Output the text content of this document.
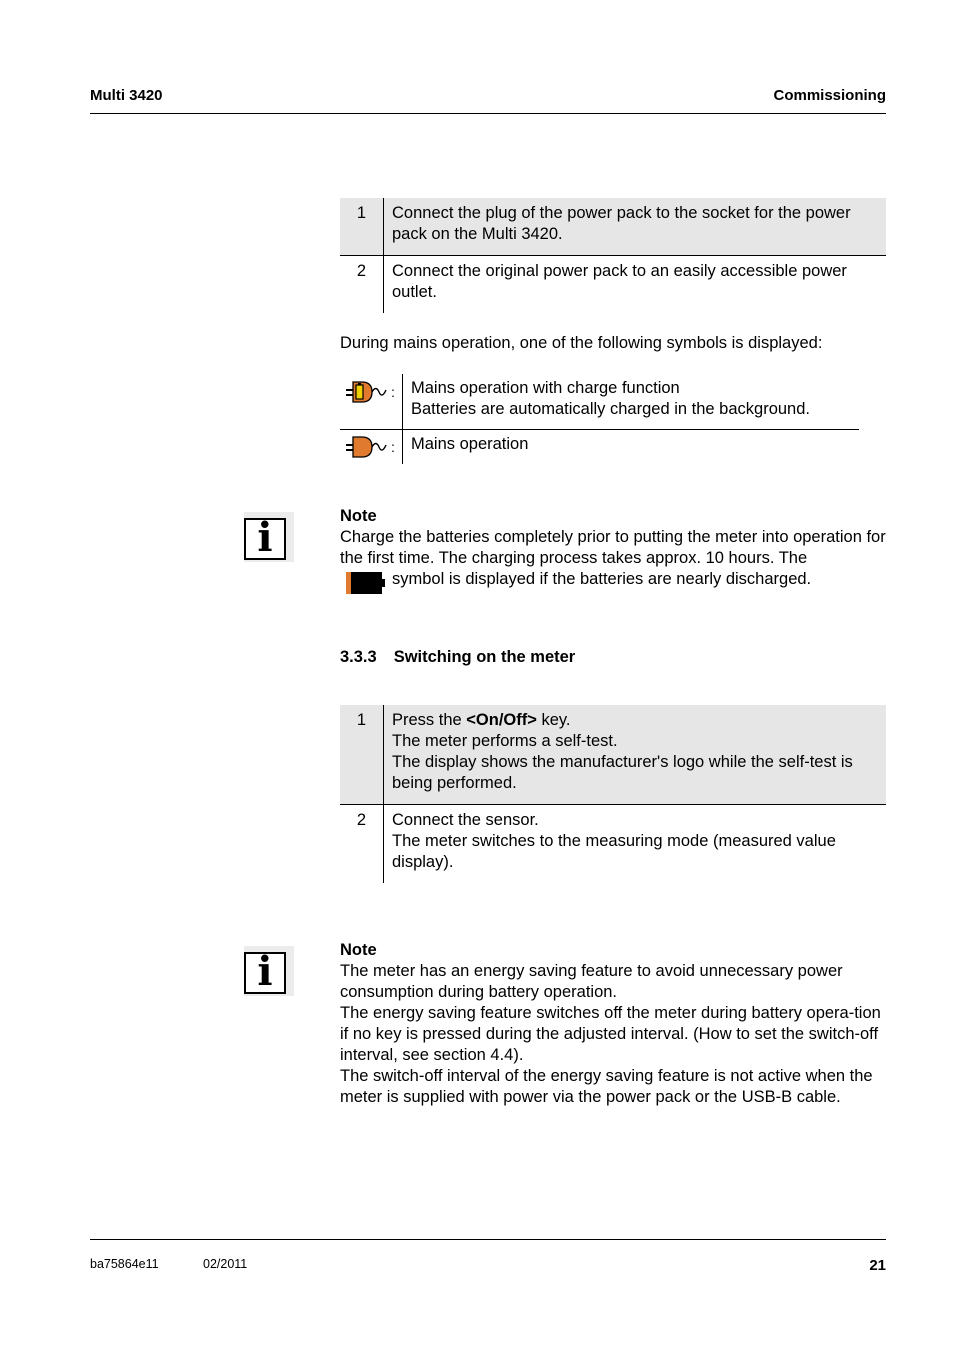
Multi 3420	Commissioning
1	Connect the plug of the power pack to the socket for the power pack on the Multi 3420.
2	Connect the original power pack to an easily accessible power outlet.
During mains operation, one of the following symbols is displayed:
:	Mains operation with charge function
Batteries are automatically charged in the background.

:	Mains operation
i	Note
Charge the batteries completely prior to putting the meter into operation for the first time. The charging process takes approx. 10 hours. The
symbol is displayed if the batteries are nearly discharged.
3.3.3 Switching on the meter
1	Press the <On/Off> key.
The meter performs a self-test.
The display shows the manufacturer's logo while the self-test is being performed.

2	Connect the sensor.
The meter switches to the measuring mode (measured value display).
i	Note
The meter has an energy saving feature to avoid unnecessary power consumption during battery operation.
The energy saving feature switches off the meter during battery opera-tion if no key is pressed during the adjusted interval. (How to set the switch-off interval, see section 4.4).
The switch-off interval of the energy saving feature is not active when the meter is supplied with power via the power pack or the USB-B cable.
ba75864e11	02/2011	21
